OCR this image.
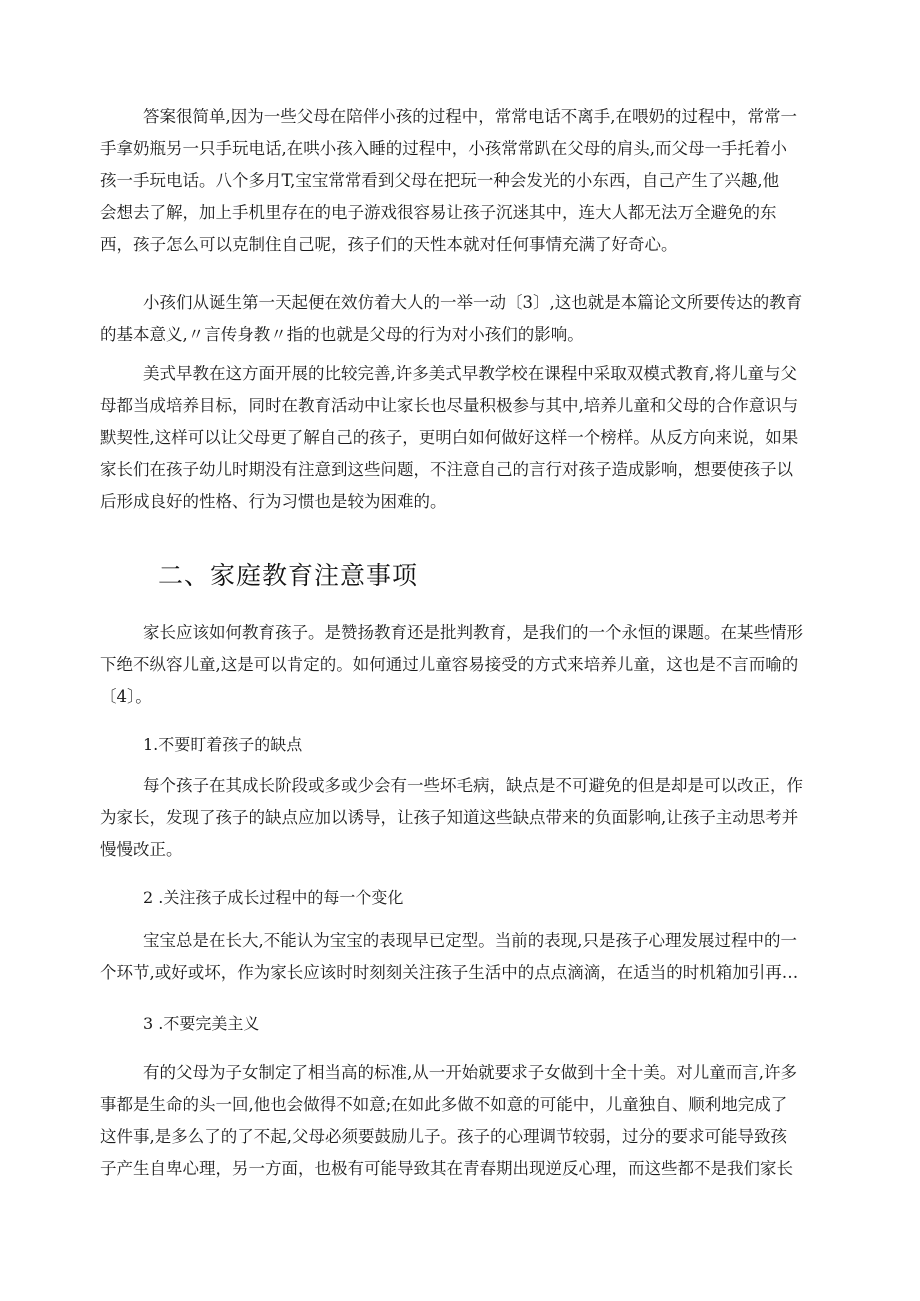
答案很简单,因为一些父母在陪伴小孩的过程中，常常电话不离手,在喂奶的过程中，常常一
手拿奶瓶另一只手玩电话,在哄小孩入睡的过程中，小孩常常趴在父母的肩头,而父母一手托着小
孩一手玩电话。八个多月T,宝宝常常看到父母在把玩一种会发光的小东西，自己产生了兴趣,他
会想去了解，加上手机里存在的电子游戏很容易让孩子沉迷其中，连大人都无法万全避免的东
西，孩子怎么可以克制住自己呢，孩子们的天性本就对任何事情充满了好奇心。
小孩们从诞生第一天起便在效仿着大人的一举一动〔3〕,这也就是本篇论文所要传达的教育
的基本意义,〃言传身教〃指的也就是父母的行为对小孩们的影响。
美式早教在这方面开展的比较完善,许多美式早教学校在课程中采取双模式教育,将儿童与父
母都当成培养目标，同时在教育活动中让家长也尽量积极参与其中,培养儿童和父母的合作意识与
默契性,这样可以让父母更了解自己的孩子，更明白如何做好这样一个榜样。从反方向来说，如果
家长们在孩子幼儿时期没有注意到这些问题，不注意自己的言行对孩子造成影响，想要使孩子以
后形成良好的性格、行为习惯也是较为困难的。
二、家庭教育注意事项
家长应该如何教育孩子。是赞扬教育还是批判教育，是我们的一个永恒的课题。在某些情形
下绝不纵容儿童,这是可以肯定的。如何通过儿童容易接受的方式来培养儿童，这也是不言而喻的
〔4〕。
1.不要盯着孩子的缺点
每个孩子在其成长阶段或多或少会有一些坏毛病，缺点是不可避免的但是却是可以改正，作
为家长，发现了孩子的缺点应加以诱导，让孩子知道这些缺点带来的负面影响,让孩子主动思考并
慢慢改正。
2 .关注孩子成长过程中的每一个变化
宝宝总是在长大,不能认为宝宝的表现早已定型。当前的表现,只是孩子心理发展过程中的一
个环节,或好或坏，作为家长应该时时刻刻关注孩子生活中的点点滴滴，在适当的时机箱加引再…
3 .不要完美主义
有的父母为子女制定了相当高的标准,从一开始就要求子女做到十全十美。对儿童而言,许多
事都是生命的头一回,他也会做得不如意;在如此多做不如意的可能中，儿童独自、顺利地完成了
这件事,是多么了的了不起,父母必须要鼓励儿子。孩子的心理调节较弱，过分的要求可能导致孩
子产生自卑心理，另一方面，也极有可能导致其在青春期出现逆反心理，而这些都不是我们家长
